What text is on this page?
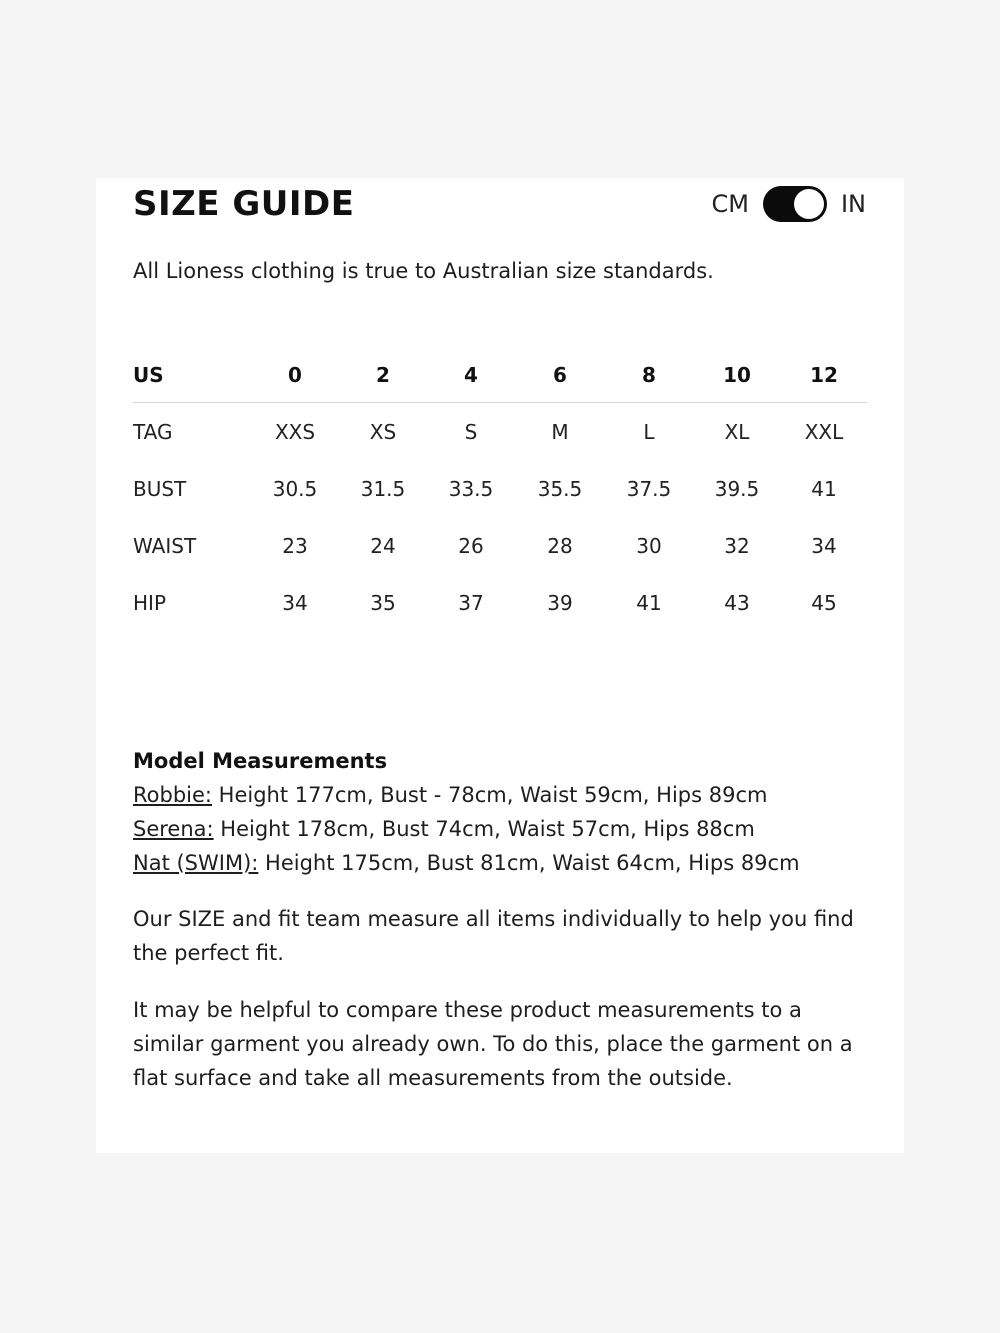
SIZE GUIDE	CM	IN

All Lioness clothing is true to Australian size standards.

US	0	2	4	6	8	10	12
TAG	XXS	XS	S	M	L	XL	XXL
BUST	30.5	31.5	33.5	35.5	37.5	39.5	41
WAIST	23	24	26	28	30	32	34
HIP	34	35	37	39	41	43	45
Model Measurements

Robbie: Height 177cm, Bust - 78cm, Waist 59cm, Hips 89cm

Serena: Height 178cm, Bust 74cm, Waist 57cm, Hips 88cm

Nat (SWIM): Height 175cm, Bust 81cm, Waist 64cm, Hips 89cm

Our SIZE and fit team measure all items individually to help you find the perfect fit.

It may be helpful to compare these product measurements to a similar garment you already own. To do this, place the garment on a flat surface and take all measurements from the outside.
